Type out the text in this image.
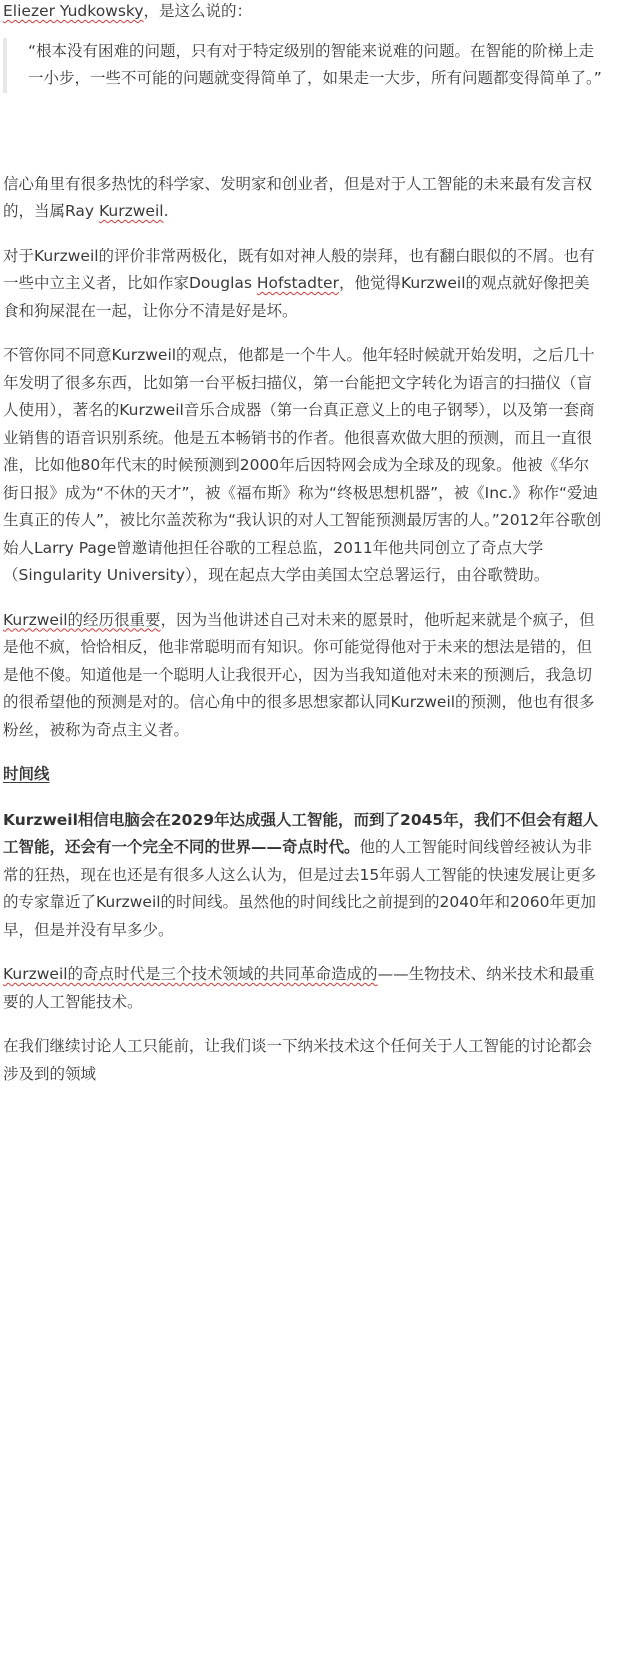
Eliezer Yudkowsky，是这么说的：

“根本没有困难的问题，只有对于特定级别的智能来说难的问题。在智能的阶梯上走一小步，一些不可能的问题就变得简单了，如果走一大步，所有问题都变得简单了。”

信心角里有很多热忱的科学家、发明家和创业者，但是对于人工智能的未来最有发言权的，当属Ray Kurzweil.

对于Kurzweil的评价非常两极化，既有如对神人般的崇拜，也有翻白眼似的不屑。也有一些中立主义者，比如作家Douglas Hofstadter，他觉得Kurzweil的观点就好像把美食和狗屎混在一起，让你分不清是好是坏。

不管你同不同意Kurzweil的观点，他都是一个牛人。他年轻时候就开始发明，之后几十年发明了很多东西，比如第一台平板扫描仪，第一台能把文字转化为语言的扫描仪（盲人使用），著名的Kurzweil音乐合成器（第一台真正意义上的电子钢琴），以及第一套商业销售的语音识别系统。他是五本畅销书的作者。他很喜欢做大胆的预测，而且一直很准，比如他80年代末的时候预测到2000年后因特网会成为全球及的现象。他被《华尔街日报》成为“不休的天才”，被《福布斯》称为“终极思想机器”，被《Inc.》称作“爱迪生真正的传人”，被比尔盖茨称为“我认识的对人工智能预测最厉害的人。”2012年谷歌创始人Larry Page曾邀请他担任谷歌的工程总监，2011年他共同创立了奇点大学（Singularity University），现在起点大学由美国太空总署运行，由谷歌赞助。

Kurzweil的经历很重要，因为当他讲述自己对未来的愿景时，他听起来就是个疯子，但是他不疯，恰恰相反，他非常聪明而有知识。你可能觉得他对于未来的想法是错的，但是他不傻。知道他是一个聪明人让我很开心，因为当我知道他对未来的预测后，我急切的很希望他的预测是对的。信心角中的很多思想家都认同Kurzweil的预测，他也有很多粉丝，被称为奇点主义者。

时间线

Kurzweil相信电脑会在2029年达成强人工智能，而到了2045年，我们不但会有超人工智能，还会有一个完全不同的世界——奇点时代。他的人工智能时间线曾经被认为非常的狂热，现在也还是有很多人这么认为，但是过去15年弱人工智能的快速发展让更多的专家靠近了Kurzweil的时间线。虽然他的时间线比之前提到的2040年和2060年更加早，但是并没有早多少。

Kurzweil的奇点时代是三个技术领域的共同革命造成的——生物技术、纳米技术和最重要的人工智能技术。

在我们继续讨论人工只能前，让我们谈一下纳米技术这个任何关于人工智能的讨论都会涉及到的领域
